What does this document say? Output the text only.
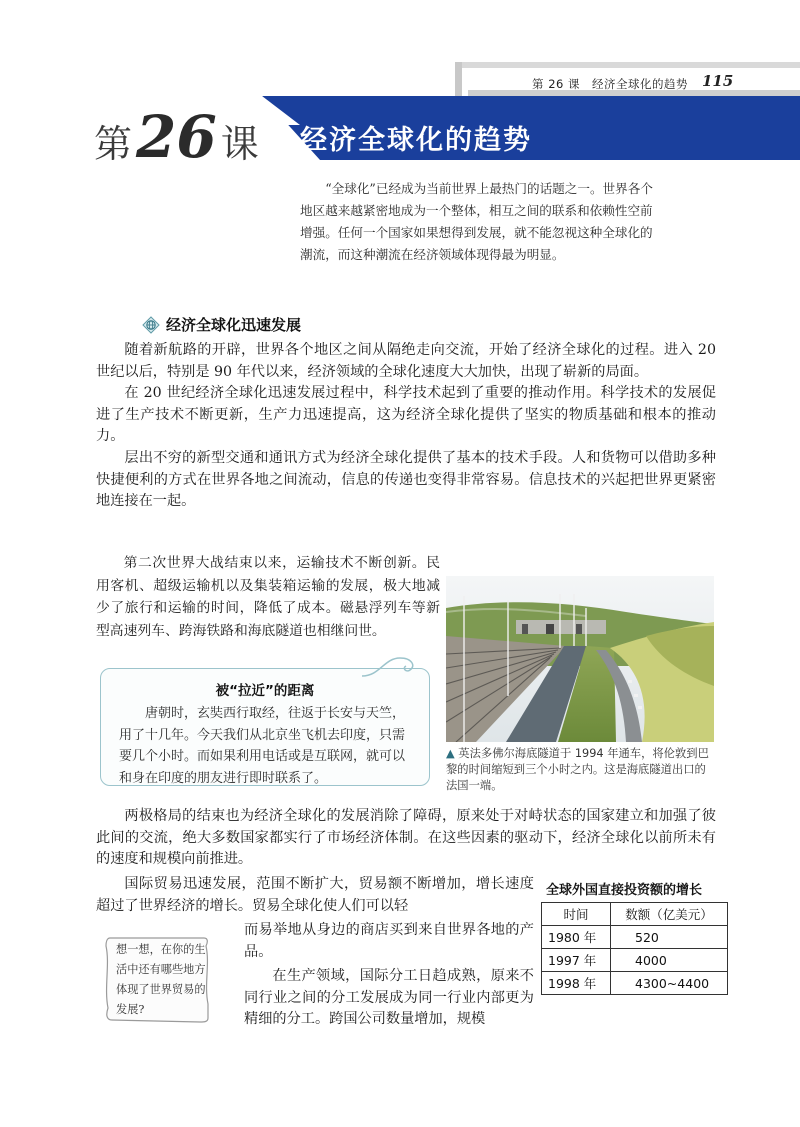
第 26 课　经济全球化的趋势 115
第 26 课 经济全球化的趋势
“全球化”已经成为当前世界上最热门的话题之一。世界各个地区越来越紧密地成为一个整体，相互之间的联系和依赖性空前增强。任何一个国家如果想得到发展，就不能忽视这种全球化的潮流，而这种潮流在经济领域体现得最为明显。
经济全球化迅速发展

随着新航路的开辟，世界各个地区之间从隔绝走向交流，开始了经济全球化的过程。进入 20 世纪以后，特别是 90 年代以来，经济领域的全球化速度大大加快，出现了崭新的局面。

在 20 世纪经济全球化迅速发展过程中，科学技术起到了重要的推动作用。科学技术的发展促进了生产技术不断更新，生产力迅速提高，这为经济全球化提供了坚实的物质基础和根本的推动力。

层出不穷的新型交通和通讯方式为经济全球化提供了基本的技术手段。人和货物可以借助多种快捷便利的方式在世界各地之间流动，信息的传递也变得非常容易。信息技术的兴起把世界更紧密地连接在一起。

第二次世界大战结束以来，运输技术不断创新。民用客机、超级运输机以及集装箱运输的发展，极大地减少了旅行和运输的时间，降低了成本。磁悬浮列车等新型高速列车、跨海铁路和海底隧道也相继问世。
▲ 英法多佛尔海底隧道于 1994 年通车，将伦敦到巴黎的时间缩短到三个小时之内。这是海底隧道出口的法国一端。
被“拉近”的距离
唐朝时，玄奘西行取经，往返于长安与天竺，用了十几年。今天我们从北京坐飞机去印度，只需要几个小时。而如果利用电话或是互联网，就可以和身在印度的朋友进行即时联系了。

两极格局的结束也为经济全球化的发展消除了障碍，原来处于对峙状态的国家建立和加强了彼此间的交流，绝大多数国家都实行了市场经济体制。在这些因素的驱动下，经济全球化以前所未有的速度和规模向前推进。

国际贸易迅速发展，范围不断扩大，贸易额不断增加，增长速度超过了世界经济的增长。贸易全球化使人们可以轻
而易举地从身边的商店买到来自世界各地的产品。
在生产领域，国际分工日趋成熟，原来不同行业之间的分工发展成为同一行业内部更为精细的分工。跨国公司数量增加，规模
想一想，在你的生活中还有哪些地方体现了世界贸易的发展?
全球外国直接投资额的增长
时间	数额（亿美元）
1980 年	520
1997 年	4000
1998 年	4300~4400
